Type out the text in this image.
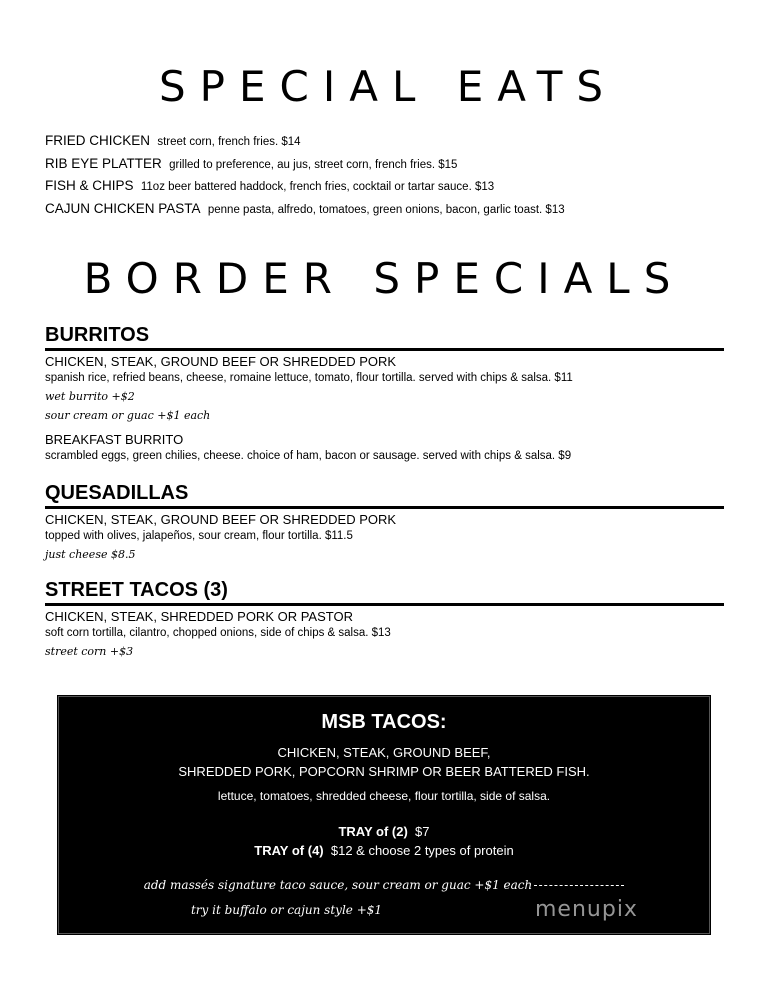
SPECIAL EATS
FRIED CHICKEN street corn, french fries. $14
RIB EYE PLATTER grilled to preference, au jus, street corn, french fries. $15
FISH & CHIPS 11oz beer battered haddock, french fries, cocktail or tartar sauce. $13
CAJUN CHICKEN PASTA penne pasta, alfredo, tomatoes, green onions, bacon, garlic toast. $13
BORDER SPECIALS
BURRITOS
CHICKEN, STEAK, GROUND BEEF OR SHREDDED PORK
spanish rice, refried beans, cheese, romaine lettuce, tomato, flour tortilla. served with chips & salsa. $11
wet burrito +$2
sour cream or guac +$1 each
BREAKFAST BURRITO
scrambled eggs, green chilies, cheese. choice of ham, bacon or sausage. served with chips & salsa. $9
QUESADILLAS
CHICKEN, STEAK, GROUND BEEF OR SHREDDED PORK
topped with olives, jalapeños, sour cream, flour tortilla. $11.5
just cheese $8.5
STREET TACOS (3)
CHICKEN, STEAK, SHREDDED PORK OR PASTOR
soft corn tortilla, cilantro, chopped onions, side of chips & salsa. $13
street corn +$3
MSB TACOS:
CHICKEN, STEAK, GROUND BEEF,
SHREDDED PORK, POPCORN SHRIMP OR BEER BATTERED FISH.
lettuce, tomatoes, shredded cheese, flour tortilla, side of salsa.
TRAY of (2) $7
TRAY of (4) $12 & choose 2 types of protein
add massés signature taco sauce, sour cream or guac +$1 each
try it buffalo or cajun style +$1	menupix
